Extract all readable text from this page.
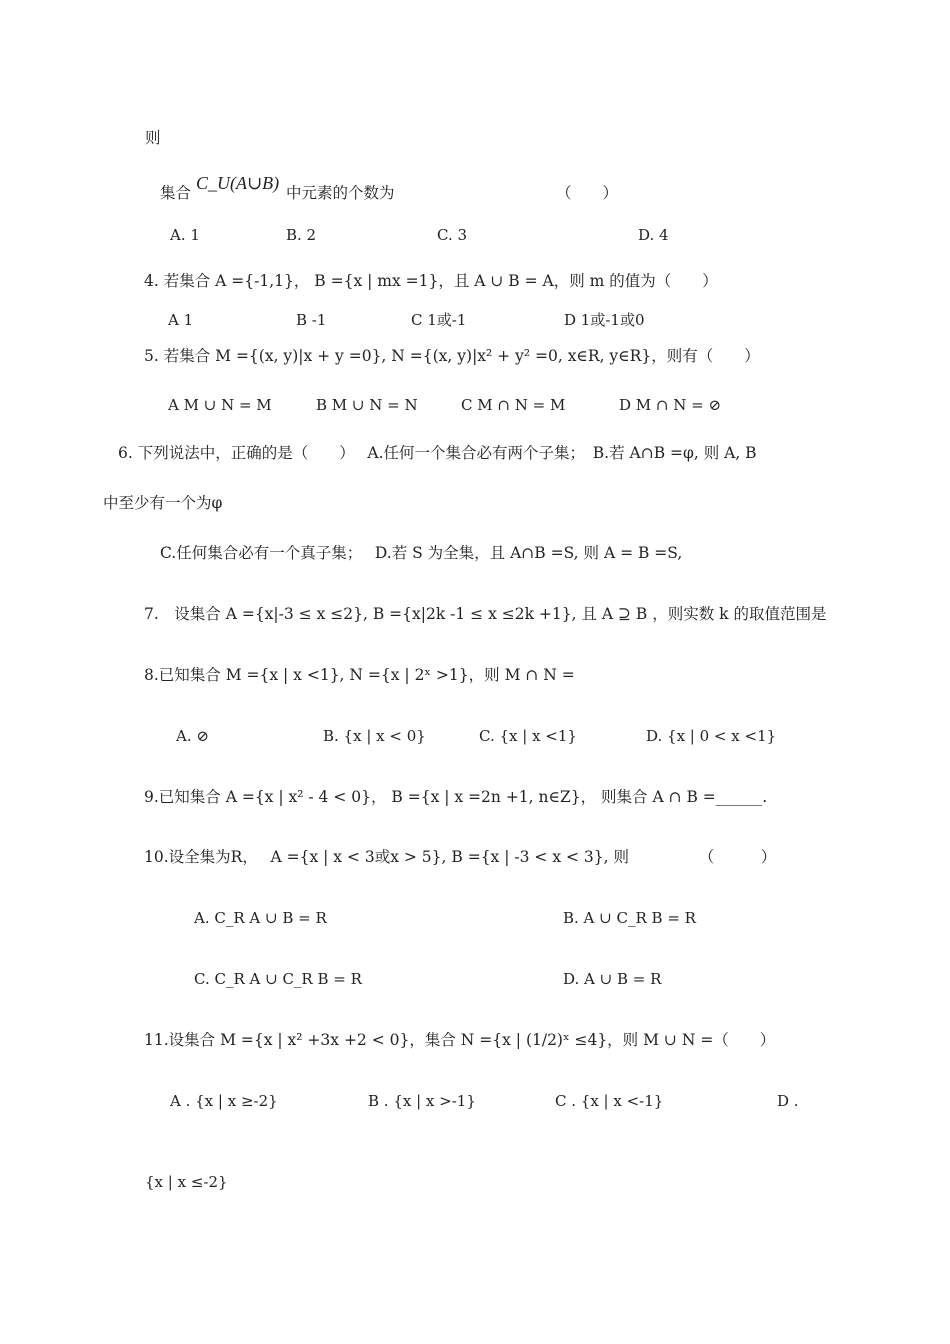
则
集合 C_U(A∪B) 中元素的个数为	（　　）
A. 1	B. 2	C. 3	D. 4
4. 若集合 A ={-1,1}， B ={x | mx =1}，且 A ∪ B = A，则 m 的值为（　　）
A 1	B -1	C 1或-1	D 1或-1或0
5. 若集合 M ={(x, y)|x + y =0}, N ={(x, y)|x² + y² =0, x∈R, y∈R}，则有（　　）
A M ∪ N = M	B M ∪ N = N	C M ∩ N = M	D M ∩ N = ⊘
6. 下列说法中，正确的是（　　）　 A.任何一个集合必有两个子集；　B.若 A∩B =φ, 则 A, B
中至少有一个为φ
C.任何集合必有一个真子集；　 D.若 S 为全集，且 A∩B =S, 则 A = B =S,
7.　设集合 A ={x|-3 ≤ x ≤2}, B ={x|2k -1 ≤ x ≤2k +1}, 且 A ⊇ B ，则实数 k 的取值范围是
8.已知集合 M ={x | x <1}, N ={x | 2ˣ >1}，则 M ∩ N =
A. ⊘	B. {x | x < 0}	C. {x | x <1}	D. {x | 0 < x <1}
9.已知集合 A ={x | x² - 4 < 0}， B ={x | x =2n +1, n∈Z}， 则集合 A ∩ B =______.
10.设全集为R，　 A ={x | x < 3或x > 5}, B ={x | -3 < x < 3}, 则　　　　　（　　　）
A. C_R A ∪ B = R	B. A ∪ C_R B = R
C. C_R A ∪ C_R B = R	D. A ∪ B = R
11.设集合 M ={x | x² +3x +2 < 0}，集合 N ={x | (1/2)ˣ ≤4}，则 M ∪ N =（　　）
A . {x | x ≥-2}	B . {x | x >-1}	C . {x | x <-1}	D .
{x | x ≤-2}
